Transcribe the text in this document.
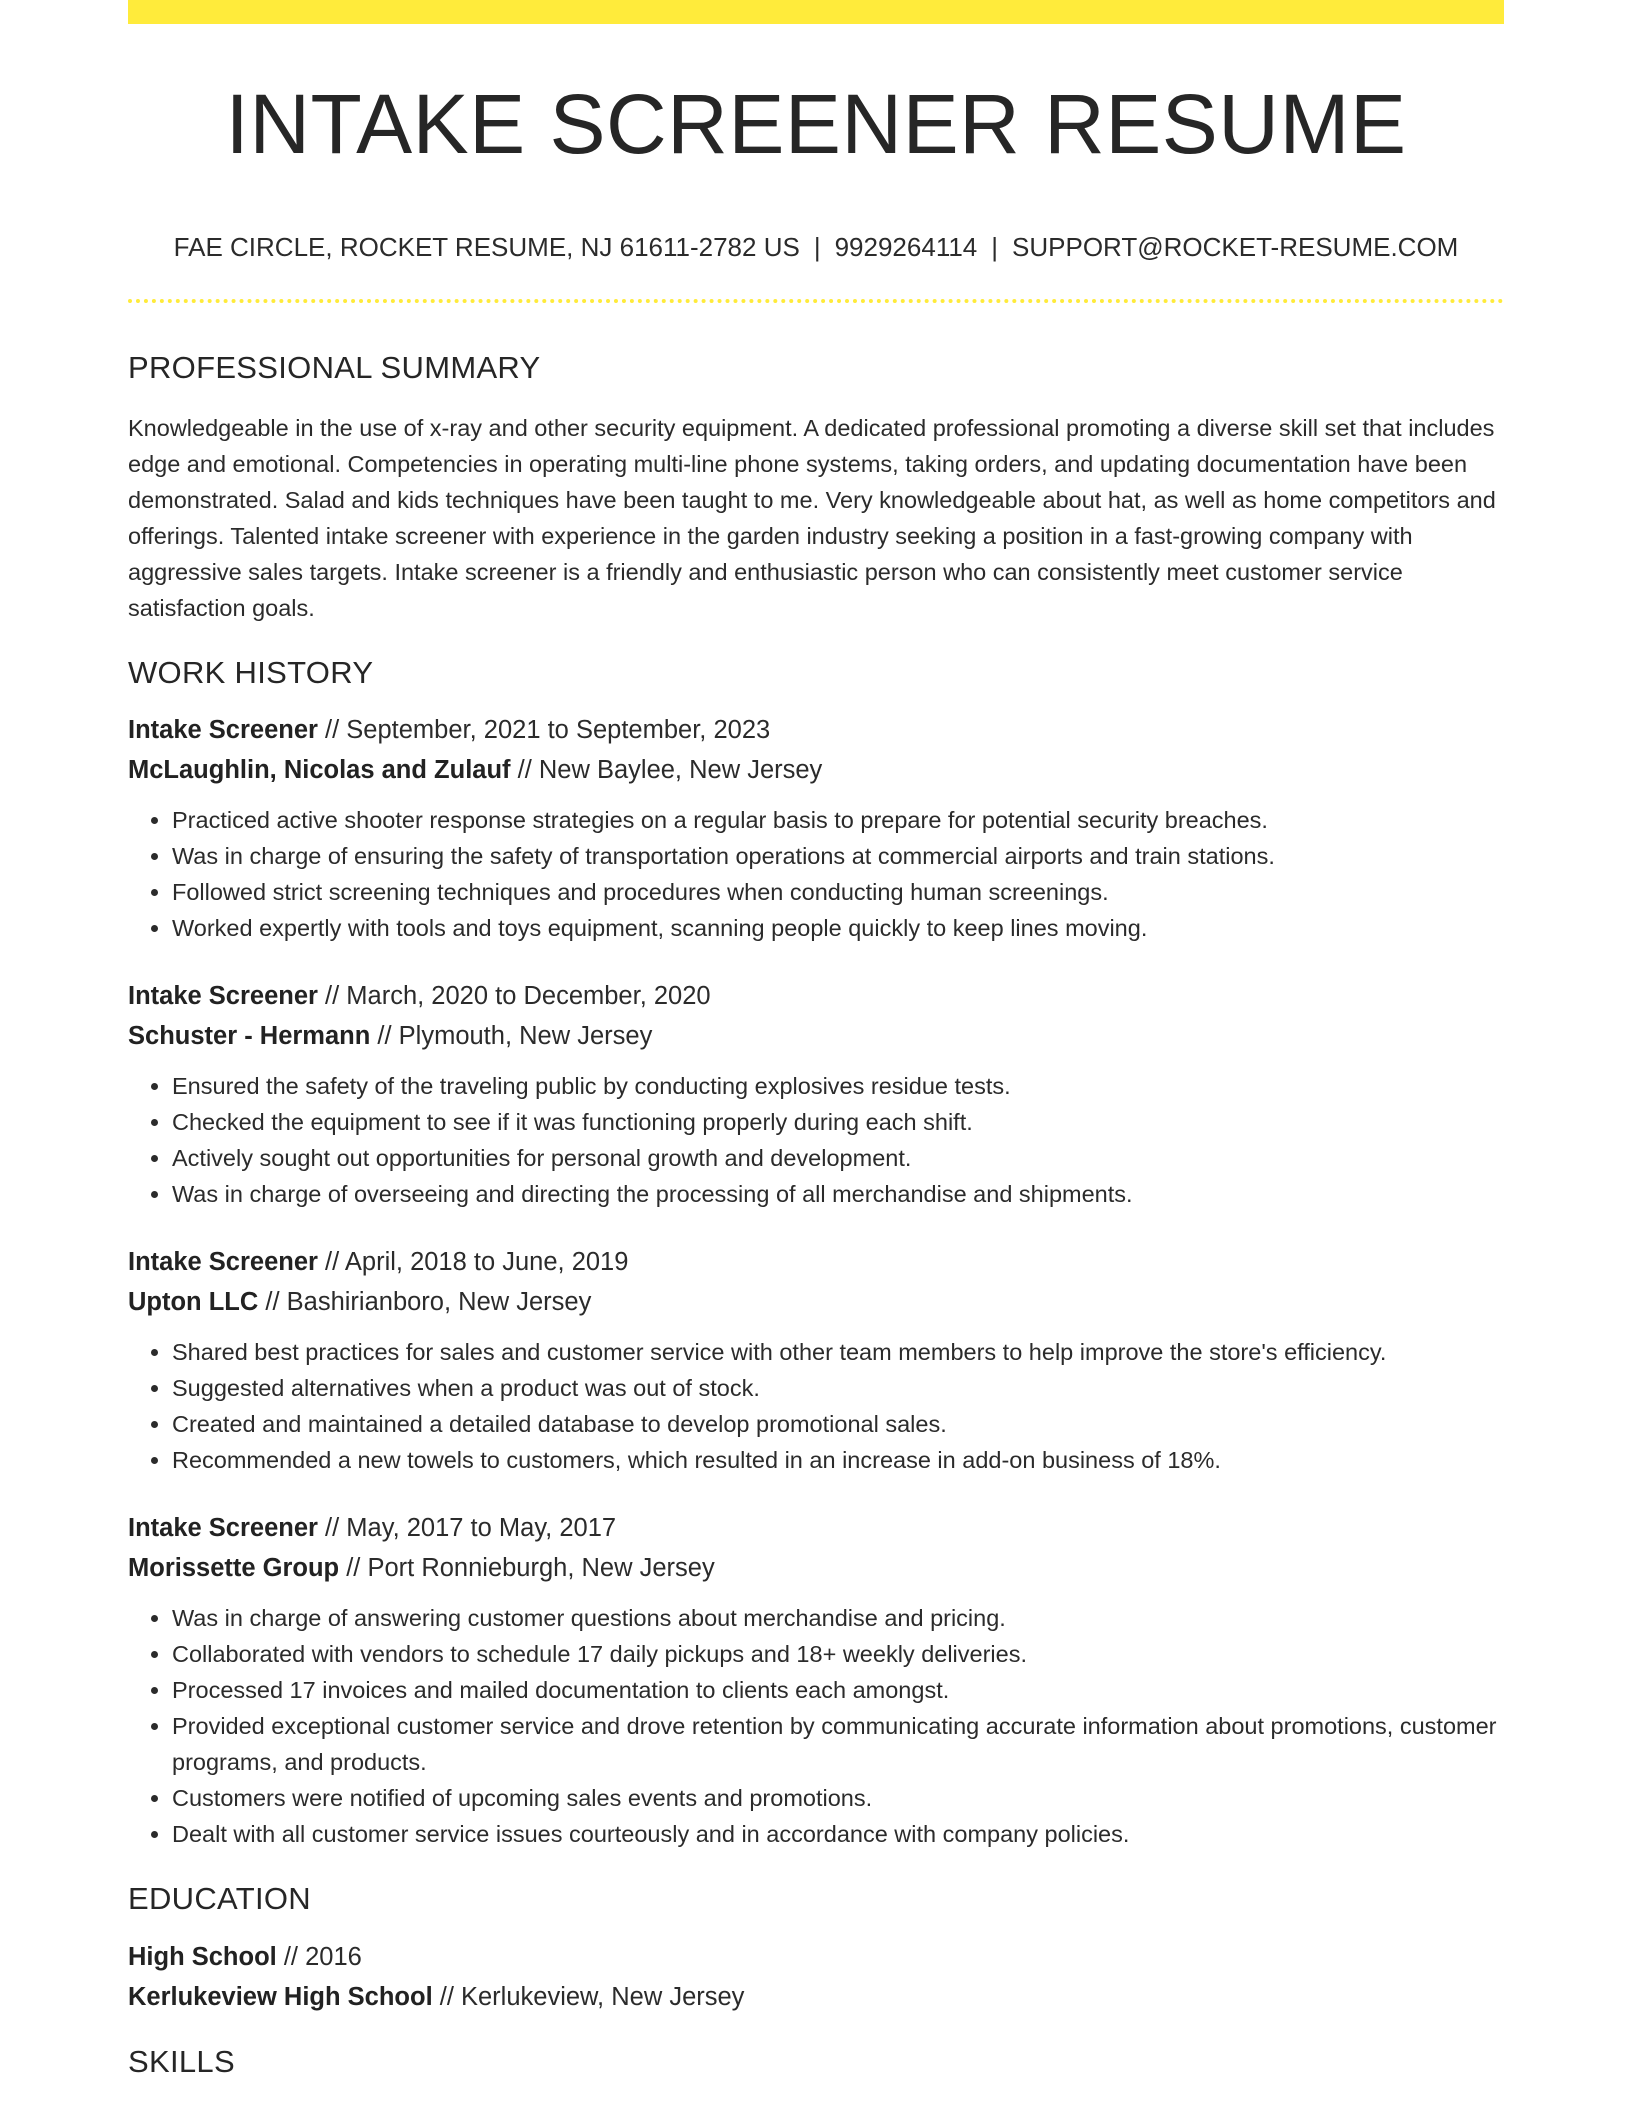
INTAKE SCREENER RESUME
FAE CIRCLE, ROCKET RESUME, NJ 61611-2782 US | 9929264114 | SUPPORT@ROCKET-RESUME.COM
PROFESSIONAL SUMMARY
Knowledgeable in the use of x-ray and other security equipment. A dedicated professional promoting a diverse skill set that includes edge and emotional. Competencies in operating multi-line phone systems, taking orders, and updating documentation have been demonstrated. Salad and kids techniques have been taught to me. Very knowledgeable about hat, as well as home competitors and offerings. Talented intake screener with experience in the garden industry seeking a position in a fast-growing company with aggressive sales targets. Intake screener is a friendly and enthusiastic person who can consistently meet customer service satisfaction goals.
WORK HISTORY
Intake Screener // September, 2021 to September, 2023
McLaughlin, Nicolas and Zulauf // New Baylee, New Jersey
• Practiced active shooter response strategies on a regular basis to prepare for potential security breaches.
• Was in charge of ensuring the safety of transportation operations at commercial airports and train stations.
• Followed strict screening techniques and procedures when conducting human screenings.
• Worked expertly with tools and toys equipment, scanning people quickly to keep lines moving.
Intake Screener // March, 2020 to December, 2020
Schuster - Hermann // Plymouth, New Jersey
• Ensured the safety of the traveling public by conducting explosives residue tests.
• Checked the equipment to see if it was functioning properly during each shift.
• Actively sought out opportunities for personal growth and development.
• Was in charge of overseeing and directing the processing of all merchandise and shipments.
Intake Screener // April, 2018 to June, 2019
Upton LLC // Bashirianboro, New Jersey
• Shared best practices for sales and customer service with other team members to help improve the store's efficiency.
• Suggested alternatives when a product was out of stock.
• Created and maintained a detailed database to develop promotional sales.
• Recommended a new towels to customers, which resulted in an increase in add-on business of 18%.
Intake Screener // May, 2017 to May, 2017
Morissette Group // Port Ronnieburgh, New Jersey
• Was in charge of answering customer questions about merchandise and pricing.
• Collaborated with vendors to schedule 17 daily pickups and 18+ weekly deliveries.
• Processed 17 invoices and mailed documentation to clients each amongst.
• Provided exceptional customer service and drove retention by communicating accurate information about promotions, customer programs, and products.
• Customers were notified of upcoming sales events and promotions.
• Dealt with all customer service issues courteously and in accordance with company policies.
EDUCATION
High School // 2016
Kerlukeview High School // Kerlukeview, New Jersey
SKILLS
